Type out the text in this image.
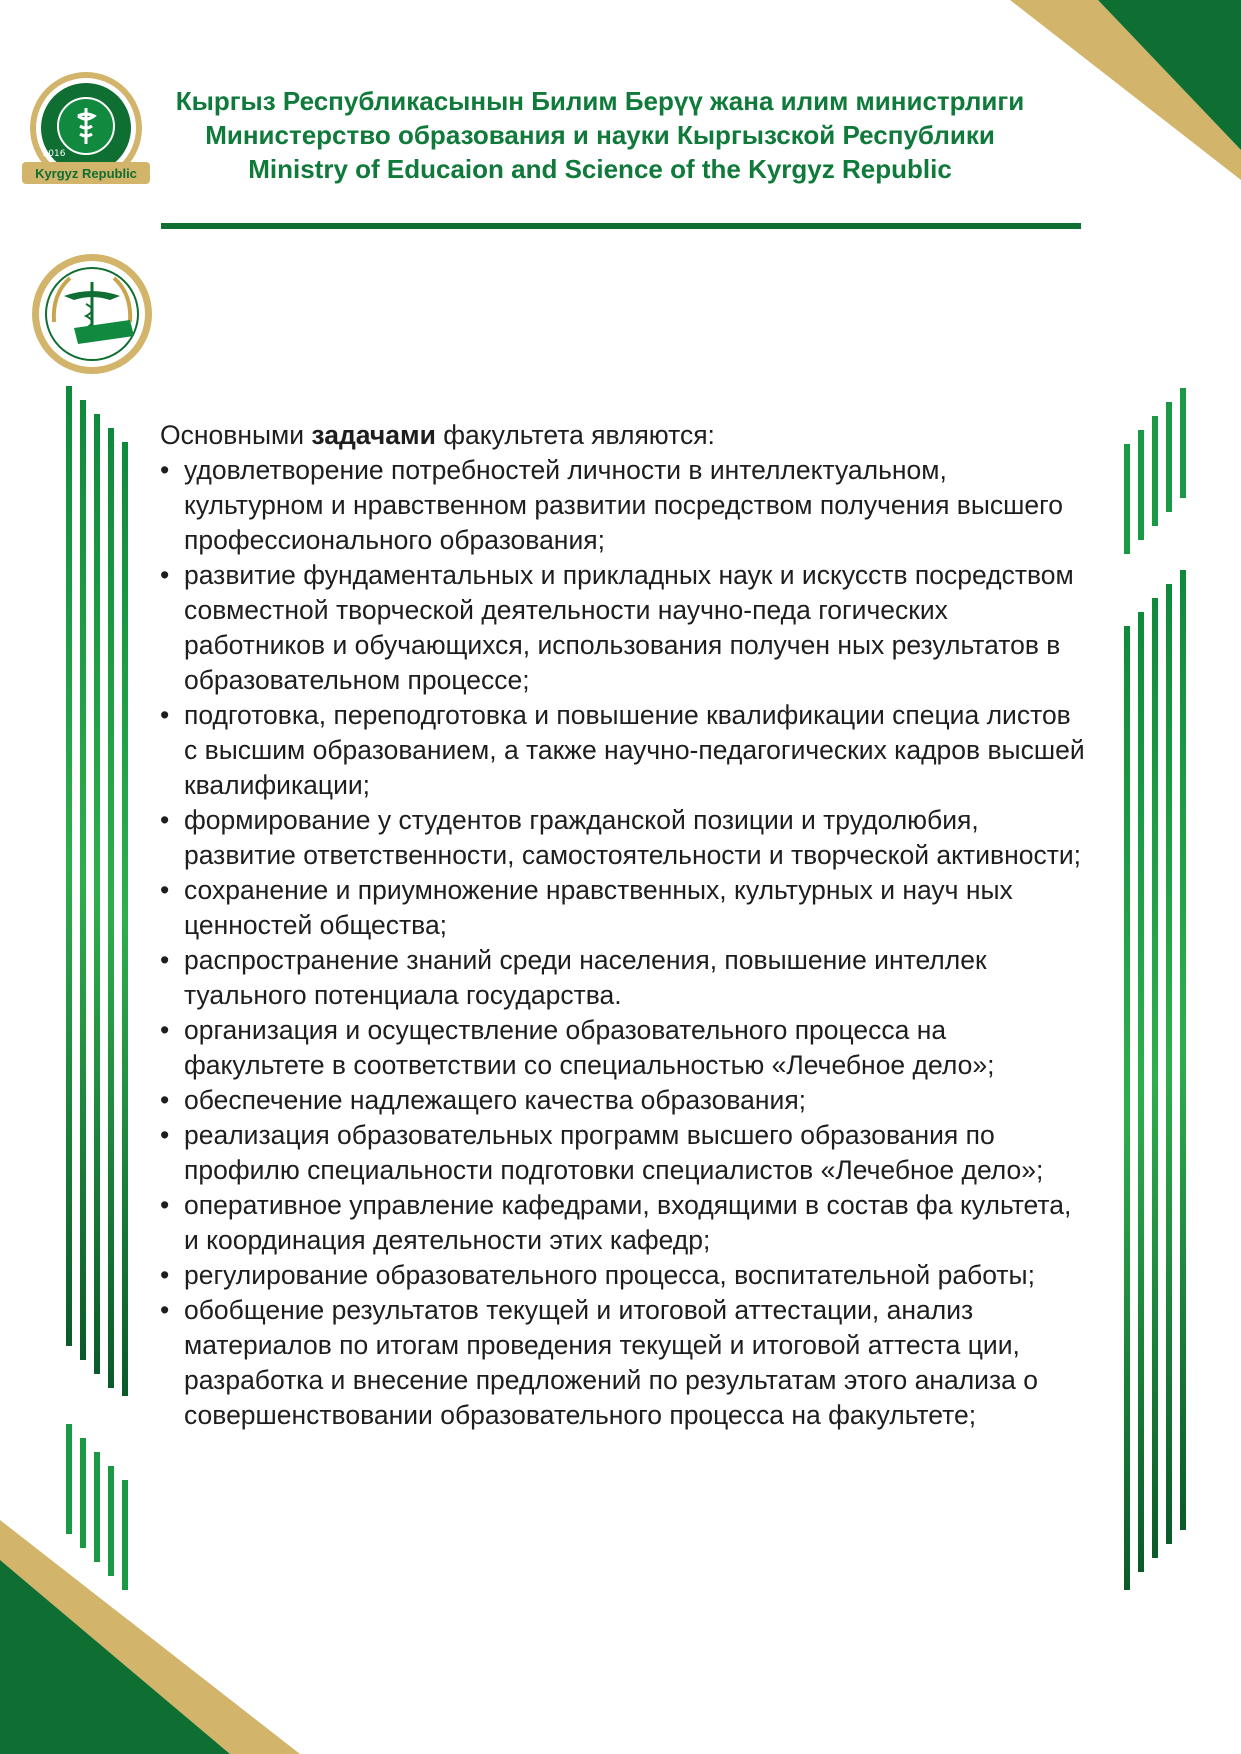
Кыргыз Республикасынын Билим Берүү жана илим министрлиги
Министерство образования и науки Кыргызской Республики
Ministry of Educaion and Science of the Kyrgyz Republic
2016
Kyrgyz Republic

Основными задачами факультета являются:

• удовлетворение потребностей личности в интеллектуальном, культурном и нравственном развитии посредством получения высшего профессионального образования;
• развитие фундаментальных и прикладных наук и искусств посредством совместной творческой деятельности научно-педа гогических работников и обучающихся, использования получен ных результатов в образовательном процессе;
• подготовка, переподготовка и повышение квалификации специа листов с высшим образованием, а также научно-педагогических кадров высшей квалификации;
• формирование у студентов гражданской позиции и трудолюбия, развитие ответственности, самостоятельности и творческой активности;
• сохранение и приумножение нравственных, культурных и науч ных ценностей общества;
• распространение знаний среди населения, повышение интеллек туального потенциала государства.
• организация и осуществление образовательного процесса на факультете в соответствии со специальностью «Лечебное дело»;
• обеспечение надлежащего качества образования;
• реализация образовательных программ высшего образования по профилю специальности подготовки специалистов «Лечебное дело»;
• оперативное управление кафедрами, входящими в состав фа культета, и координация деятельности этих кафедр;
• регулирование образовательного процесса, воспитательной работы;
• обобщение результатов текущей и итоговой аттестации, анализ материалов по итогам проведения текущей и итоговой аттеста ции, разработка и внесение предложений по результатам этого анализа о совершенствовании образовательного процесса на факультете;
